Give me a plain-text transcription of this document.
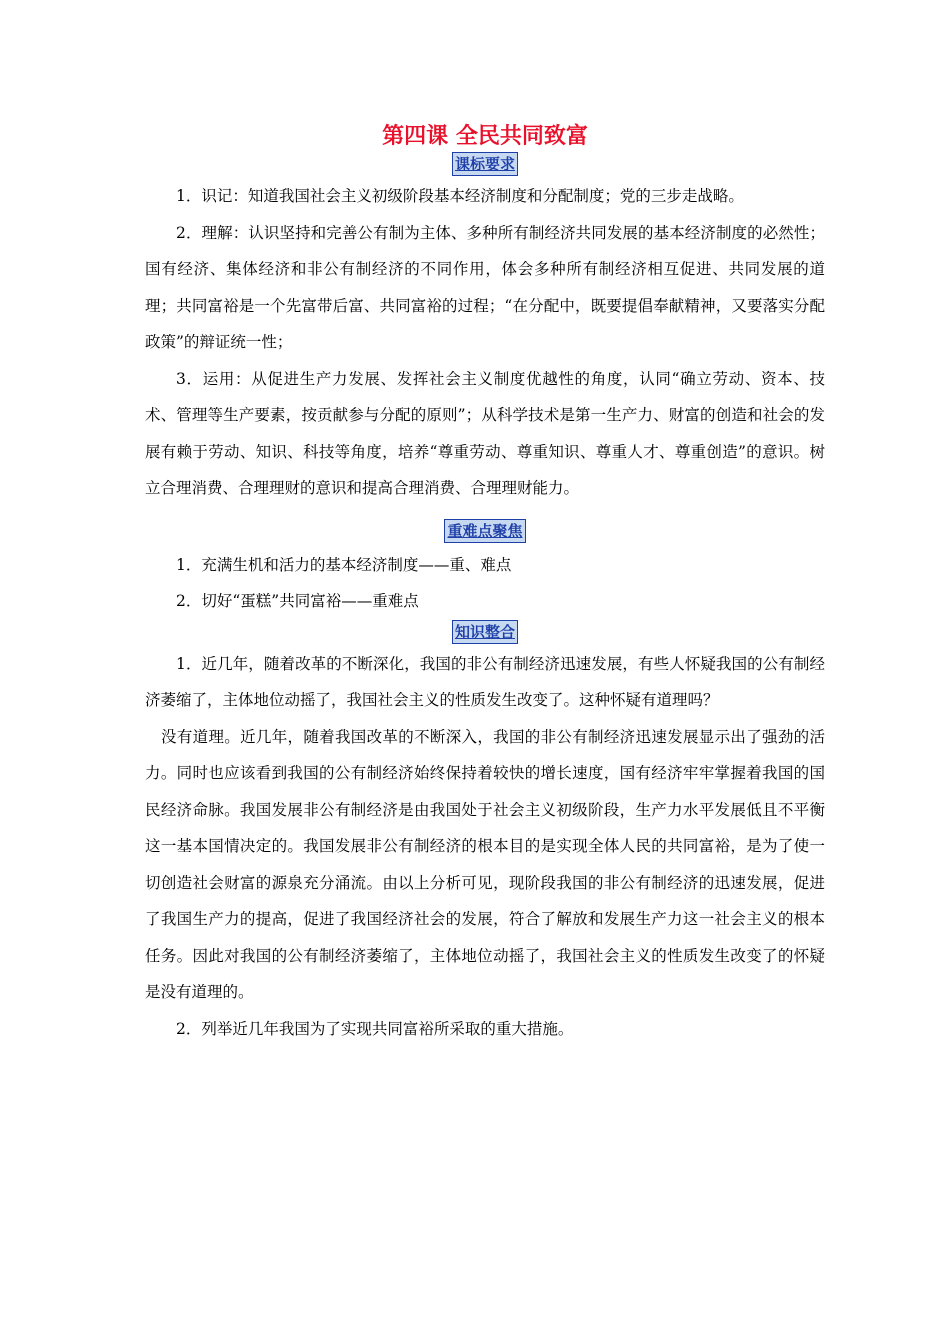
第四课 全民共同致富
课标要求

1．识记：知道我国社会主义初级阶段基本经济制度和分配制度；党的三步走战略。

2．理解：认识坚持和完善公有制为主体、多种所有制经济共同发展的基本经济制度的必然性；国有经济、集体经济和非公有制经济的不同作用，体会多种所有制经济相互促进、共同发展的道理；共同富裕是一个先富带后富、共同富裕的过程；“在分配中，既要提倡奉献精神，又要落实分配政策”的辩证统一性；

3．运用：从促进生产力发展、发挥社会主义制度优越性的角度，认同“确立劳动、资本、技术、管理等生产要素，按贡献参与分配的原则”；从科学技术是第一生产力、财富的创造和社会的发展有赖于劳动、知识、科技等角度，培养“尊重劳动、尊重知识、尊重人才、尊重创造”的意识。树立合理消费、合理理财的意识和提高合理消费、合理理财能力。

重难点聚焦

1．充满生机和活力的基本经济制度——重、难点

2．切好“蛋糕”共同富裕——重难点

知识整合

1．近几年，随着改革的不断深化，我国的非公有制经济迅速发展，有些人怀疑我国的公有制经济萎缩了，主体地位动摇了，我国社会主义的性质发生改变了。这种怀疑有道理吗？

没有道理。近几年，随着我国改革的不断深入，我国的非公有制经济迅速发展显示出了强劲的活力。同时也应该看到我国的公有制经济始终保持着较快的增长速度，国有经济牢牢掌握着我国的国民经济命脉。我国发展非公有制经济是由我国处于社会主义初级阶段，生产力水平发展低且不平衡这一基本国情决定的。我国发展非公有制经济的根本目的是实现全体人民的共同富裕，是为了使一切创造社会财富的源泉充分涌流。由以上分析可见，现阶段我国的非公有制经济的迅速发展，促进了我国生产力的提高，促进了我国经济社会的发展，符合了解放和发展生产力这一社会主义的根本任务。因此对我国的公有制经济萎缩了，主体地位动摇了，我国社会主义的性质发生改变了的怀疑是没有道理的。

2．列举近几年我国为了实现共同富裕所采取的重大措施。
